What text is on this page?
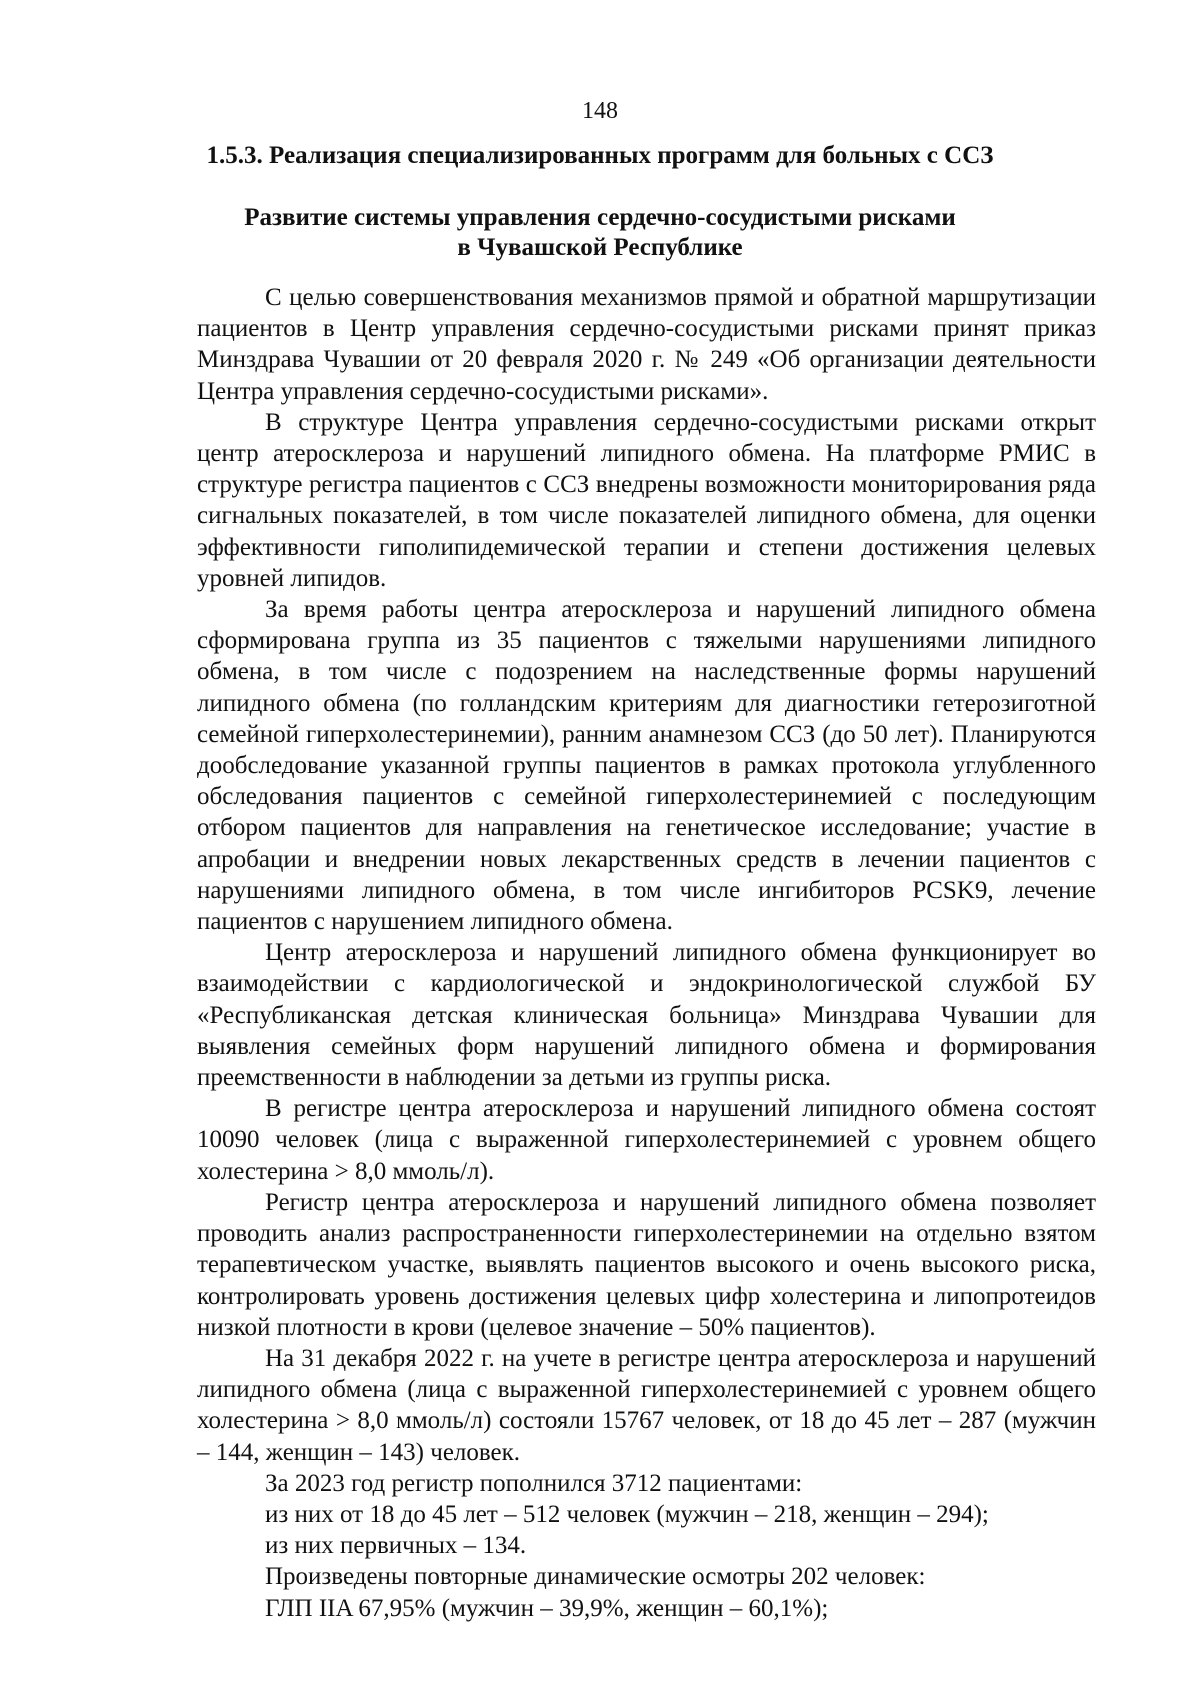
148
1.5.3. Реализация специализированных программ для больных с ССЗ
Развитие системы управления сердечно-сосудистыми рисками
в Чувашской Республике

С целью совершенствования механизмов прямой и обратной маршрутизации пациентов в Центр управления сердечно-сосудистыми рисками принят приказ Минздрава Чувашии от 20 февраля 2020 г. № 249 «Об организации деятельности Центра управления сердечно-сосудистыми рисками».

В структуре Центра управления сердечно-сосудистыми рисками открыт центр атеросклероза и нарушений липидного обмена. На платформе РМИС в структуре регистра пациентов с ССЗ внедрены возможности мониторирования ряда сигнальных показателей, в том числе показателей липидного обмена, для оценки эффективности гиполипидемической терапии и степени достижения целевых уровней липидов.

За время работы центра атеросклероза и нарушений липидного обмена сформирована группа из 35 пациентов с тяжелыми нарушениями липидного обмена, в том числе с подозрением на наследственные формы нарушений липидного обмена (по голландским критериям для диагностики гетерозиготной семейной гиперхолестеринемии), ранним анамнезом ССЗ (до 50 лет). Планируются дообследование указанной группы пациентов в рамках протокола углубленного обследования пациентов с семейной гиперхолестеринемией с последующим отбором пациентов для направления на генетическое исследование; участие в апробации и внедрении новых лекарственных средств в лечении пациентов с нарушениями липидного обмена, в том числе ингибиторов PCSK9, лечение пациентов с нарушением липидного обмена.

Центр атеросклероза и нарушений липидного обмена функционирует во взаимодействии с кардиологической и эндокринологической службой БУ «Республиканская детская клиническая больница» Минздрава Чувашии для выявления семейных форм нарушений липидного обмена и формирования преемственности в наблюдении за детьми из группы риска.

В регистре центра атеросклероза и нарушений липидного обмена состоят 10090 человек (лица с выраженной гиперхолестеринемией с уровнем общего холестерина > 8,0 ммоль/л).

Регистр центра атеросклероза и нарушений липидного обмена позволяет проводить анализ распространенности гиперхолестеринемии на отдельно взятом терапевтическом участке, выявлять пациентов высокого и очень высокого риска, контролировать уровень достижения целевых цифр холестерина и липопротеидов низкой плотности в крови (целевое значение – 50% пациентов).

На 31 декабря 2022 г. на учете в регистре центра атеросклероза и нарушений липидного обмена (лица с выраженной гиперхолестеринемией с уровнем общего холестерина > 8,0 ммоль/л) состояли 15767 человек, от 18 до 45 лет – 287 (мужчин – 144, женщин – 143) человек.

За 2023 год регистр пополнился 3712 пациентами:

из них от 18 до 45 лет – 512 человек (мужчин – 218, женщин – 294);

из них первичных – 134.

Произведены повторные динамические осмотры 202 человек:

ГЛП IIA 67,95% (мужчин – 39,9%, женщин – 60,1%);
